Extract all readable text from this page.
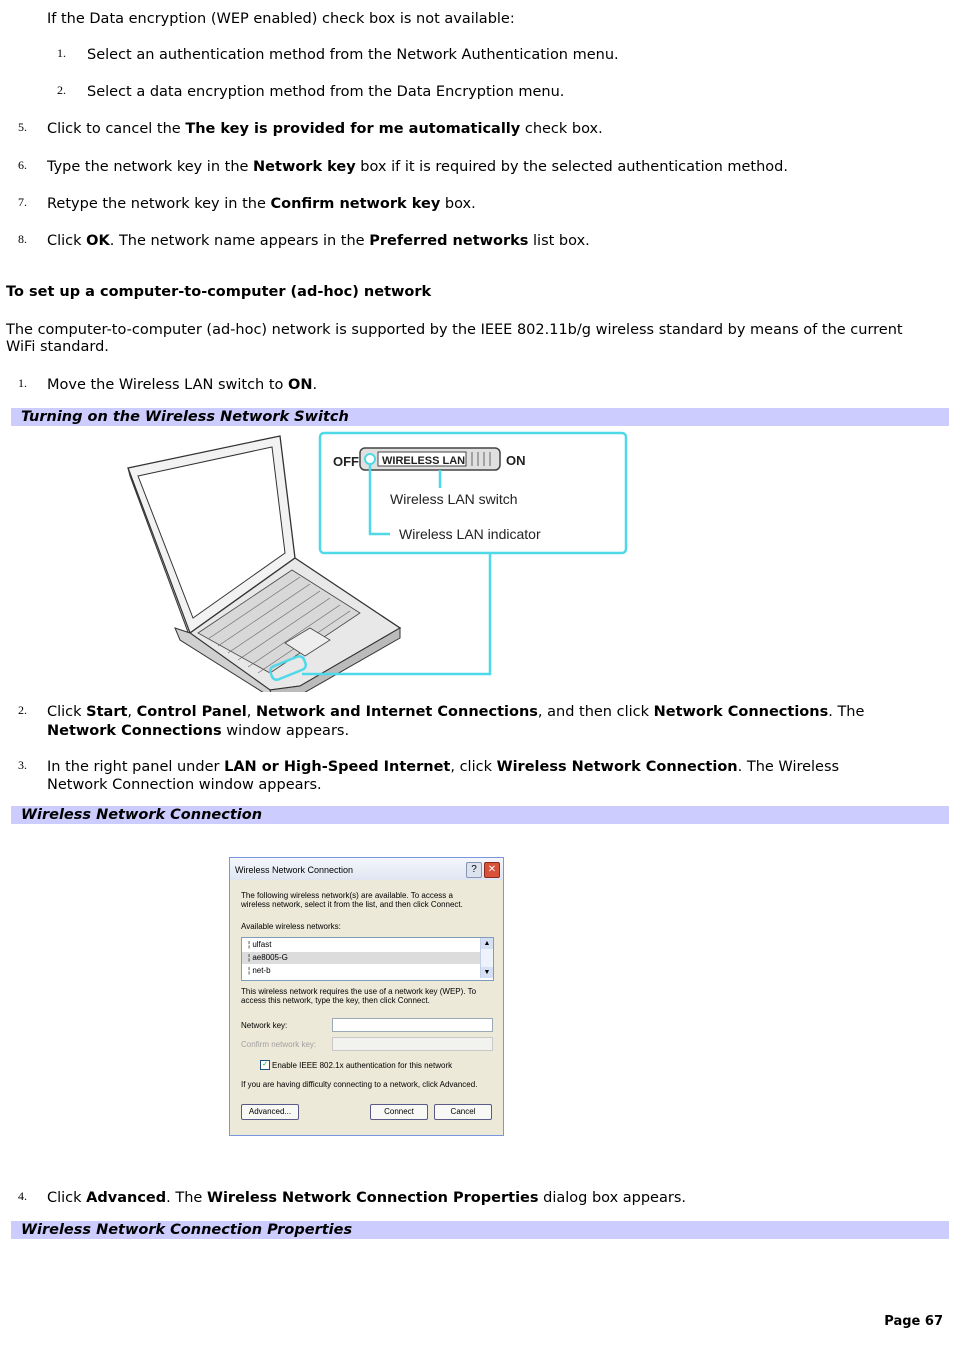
If the Data encryption (WEP enabled) check box is not available:
1. Select an authentication method from the Network Authentication menu.
2. Select a data encryption method from the Data Encryption menu.
5. Click to cancel the The key is provided for me automatically check box.
6. Type the network key in the Network key box if it is required by the selected authentication method.
7. Retype the network key in the Confirm network key box.
8. Click OK. The network name appears in the Preferred networks list box.
To set up a computer-to-computer (ad-hoc) network
The computer-to-computer (ad-hoc) network is supported by the IEEE 802.11b/g wireless standard by means of the current
WiFi standard.
1. Move the Wireless LAN switch to ON.
Turning on the Wireless Network Switch
OFF WIRELESS LAN	ON
Wireless LAN switch
Wireless LAN indicator
2. Click Start, Control Panel, Network and Internet Connections, and then click Network Connections. The
Network Connections window appears.
3. In the right panel under LAN or High-Speed Internet, click Wireless Network Connection. The Wireless
Network Connection window appears.
Wireless Network Connection
Wireless Network Connection	?	✕
The following wireless network(s) are available. To access a
wireless network, select it from the list, and then click Connect.
Available wireless networks:
¦ ulfast
¦ ae8005-G
¦ net-b
▲
▼
This wireless network requires the use of a network key (WEP). To
access this network, type the key, then click Connect.
Network key:
Confirm network key:
✓ Enable IEEE 802.1x authentication for this network
If you are having difficulty connecting to a network, click Advanced.
Advanced...	Connect	Cancel
4. Click Advanced. The Wireless Network Connection Properties dialog box appears.
Wireless Network Connection Properties
Page 67
